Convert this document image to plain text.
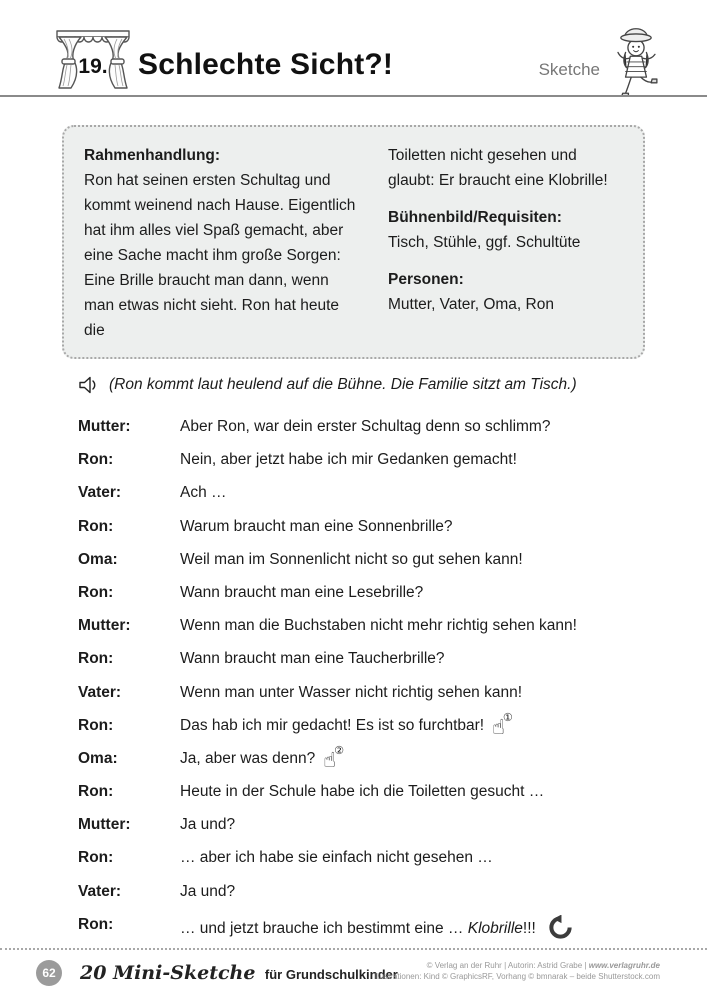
19.	Schlechte Sicht?!	Sketche
Rahmenhandlung:
Ron hat seinen ersten Schultag und kommt weinend nach Hause. Eigentlich hat ihm alles viel Spaß gemacht, aber eine Sache macht ihm große Sorgen: Eine Brille braucht man dann, wenn man etwas nicht sieht. Ron hat heute die
Toiletten nicht gesehen und glaubt: Er braucht eine Klobrille!
Bühnenbild/Requisiten:
Tisch, Stühle, ggf. Schultüte
Personen:
Mutter, Vater, Oma, Ron
(Ron kommt laut heulend auf die Bühne. Die Familie sitzt am Tisch.)
Mutter:	Aber Ron, war dein erster Schultag denn so schlimm?
Ron:	Nein, aber jetzt habe ich mir Gedanken gemacht!
Vater:	Ach …
Ron:	Warum braucht man eine Sonnenbrille?
Oma:	Weil man im Sonnenlicht nicht so gut sehen kann!
Ron:	Wann braucht man eine Lesebrille?
Mutter:	Wenn man die Buchstaben nicht mehr richtig sehen kann!
Ron:	Wann braucht man eine Taucherbrille?
Vater:	Wenn man unter Wasser nicht richtig sehen kann!
Ron:	Das hab ich mir gedacht! Es ist so furchtbar! ☝①
Oma:	Ja, aber was denn? ☝②
Ron:	Heute in der Schule habe ich die Toiletten gesucht …
Mutter:	Ja und?
Ron:	… aber ich habe sie einfach nicht gesehen …
Vater:	Ja und?
Ron:	… und jetzt brauche ich bestimmt eine … Klobrille!!!
62	20 Mini-Sketche für Grundschulkinder
© Verlag an der Ruhr | Autorin: Astrid Grabe | www.verlagruhr.de
Illustrationen: Kind © GraphicsRF, Vorhang © bmnarak – beide Shutterstock.com
